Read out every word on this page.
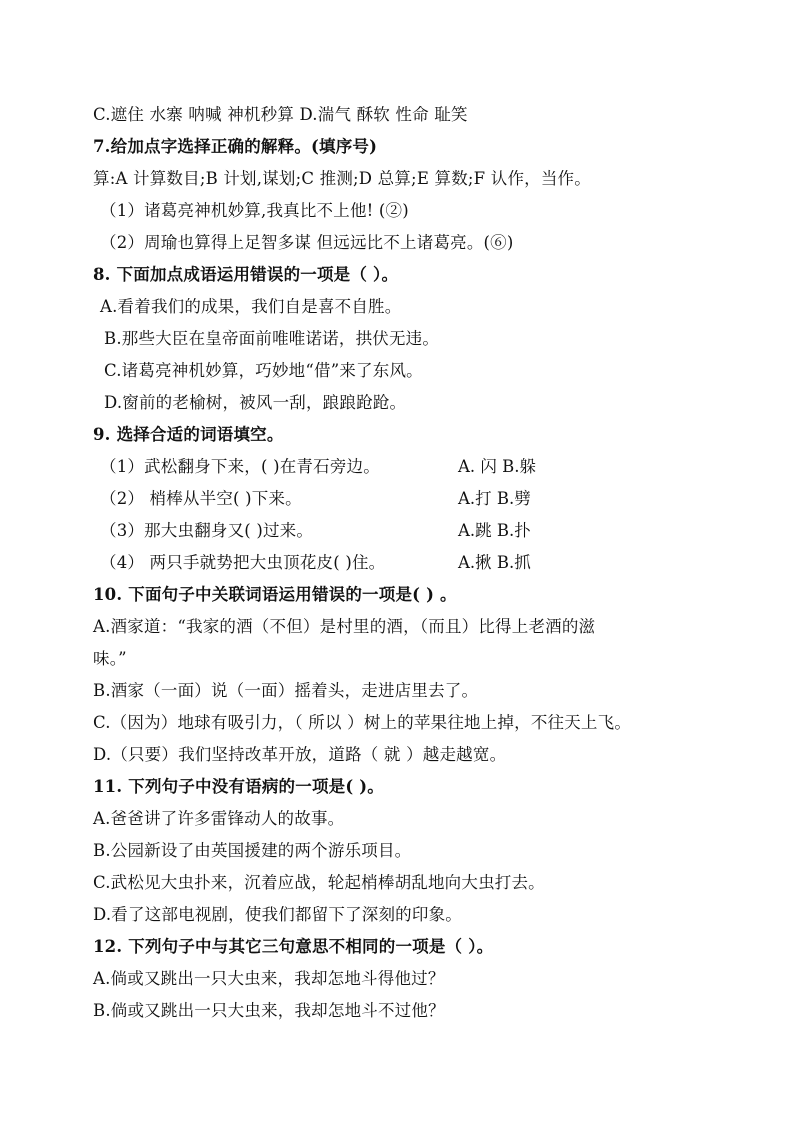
C.遮住 水寨 呐喊 神机秒算 D.湍气 酥软 性命 耻笑
7.给加点字选择正确的解释。(填序号)
算:A 计算数目;B 计划,谋划;C 推测;D 总算;E 算数;F 认作，当作。
（1）诸葛亮神机妙算,我真比不上他! (②)
（2）周瑜也算得上足智多谋 但远远比不上诸葛亮。(⑥)
8. 下面加点成语运用错误的一项是（ ）。
A.看着我们的成果，我们自是喜不自胜。
B.那些大臣在皇帝面前唯唯诺诺，拱伏无违。
C.诸葛亮神机妙算，巧妙地“借”来了东风。
D.窗前的老榆树，被风一刮，踉踉跄跄。
9. 选择合适的词语填空。
（1）武松翻身下来，( )在青石旁边。	A. 闪 B.躲
（2） 梢棒从半空( )下来。	A.打 B.劈
（3）那大虫翻身又( )过来。	A.跳 B.扑
（4） 两只手就势把大虫顶花皮( )住。	A.揪 B.抓
10. 下面句子中关联词语运用错误的一项是( ) 。
A.酒家道：“我家的酒（不但）是村里的酒，（而且）比得上老酒的滋
味。”
B.酒家（一面）说（一面）摇着头，走进店里去了。
C.（因为）地球有吸引力，（ 所以 ）树上的苹果往地上掉，不往天上飞。
D.（只要）我们坚持改革开放，道路（ 就 ）越走越宽。
11. 下列句子中没有语病的一项是( )。
A.爸爸讲了许多雷锋动人的故事。
B.公园新设了由英国援建的两个游乐项目。
C.武松见大虫扑来，沉着应战，轮起梢棒胡乱地向大虫打去。
D.看了这部电视剧，使我们都留下了深刻的印象。
12. 下列句子中与其它三句意思不相同的一项是（ ）。
A.倘或又跳出一只大虫来，我却怎地斗得他过？
B.倘或又跳出一只大虫来，我却怎地斗不过他？
